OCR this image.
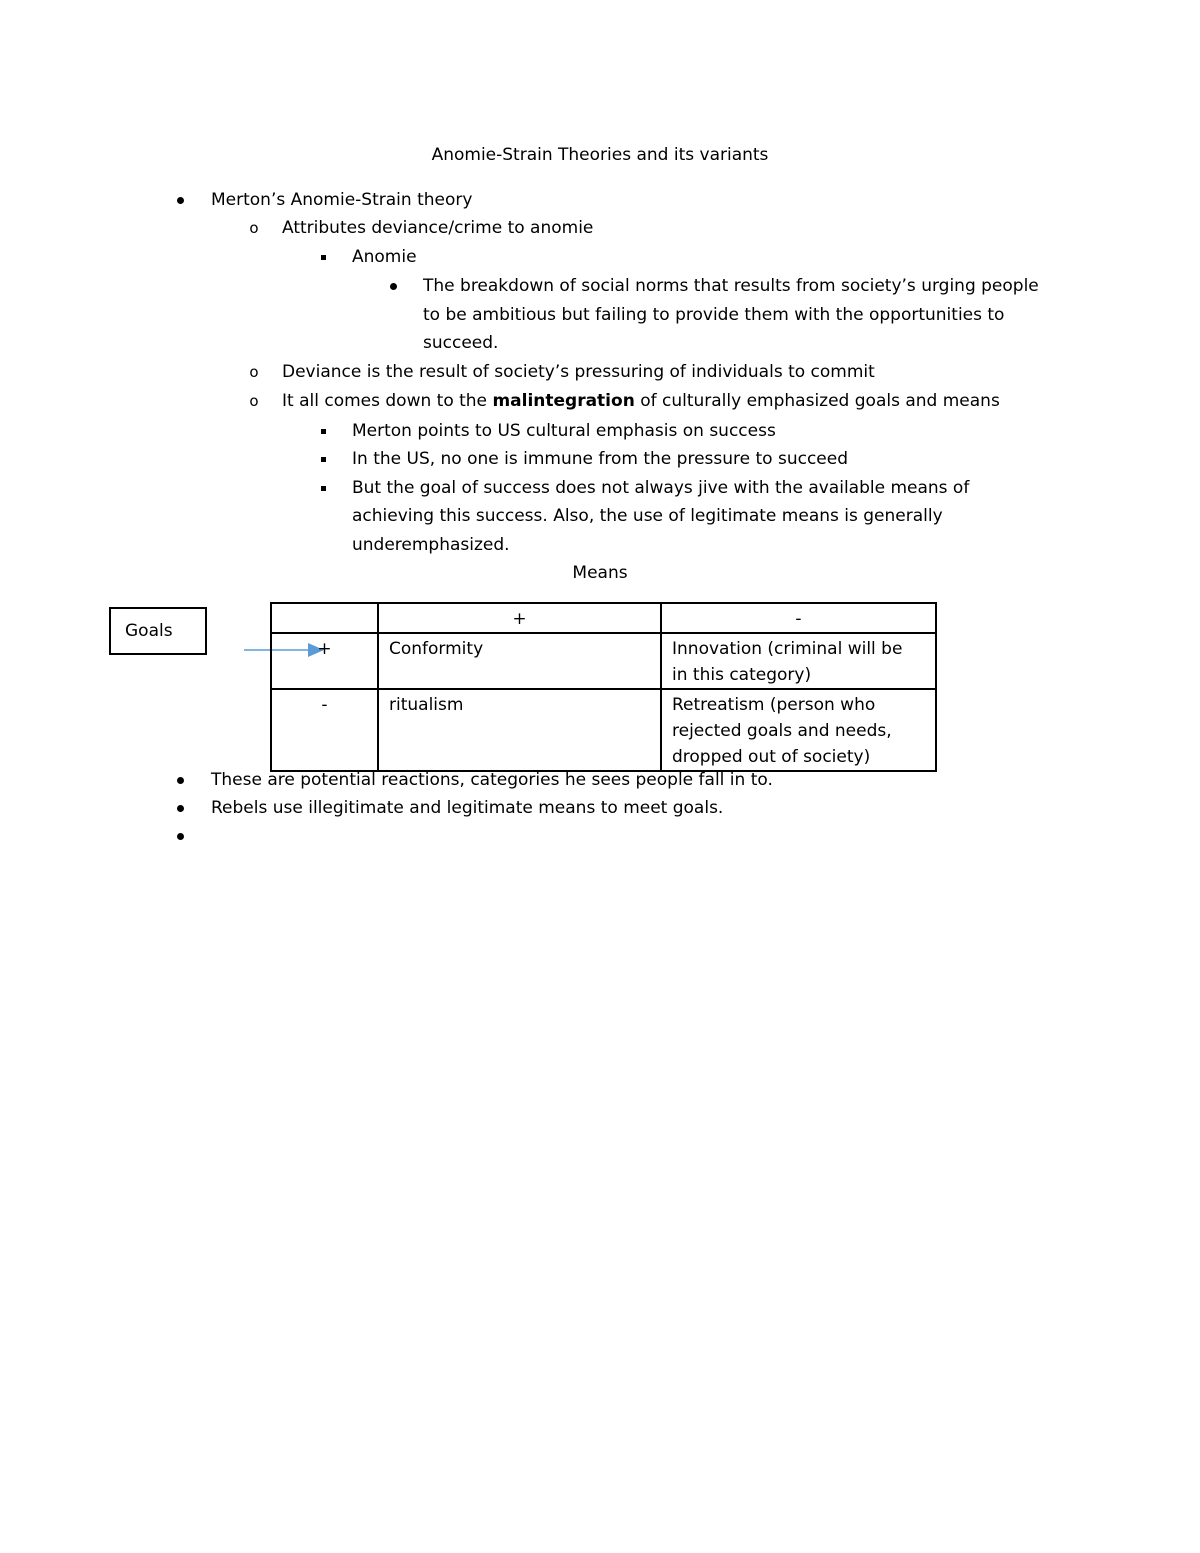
Anomie-Strain Theories and its variants
Merton’s Anomie-Strain theory
o Attributes deviance/crime to anomie
Anomie
The breakdown of social norms that results from society’s urging people
to be ambitious but failing to provide them with the opportunities to
succeed.
o Deviance is the result of society’s pressuring of individuals to commit
o It all comes down to the malintegration of culturally emphasized goals and means
Merton points to US cultural emphasis on success
In the US, no one is immune from the pressure to succeed
But the goal of success does not always jive with the available means of
achieving this success. Also, the use of legitimate means is generally
underemphasized.
Means
Goals
	+	-
+	Conformity	Innovation (criminal will be
in this category)

-	ritualism	Retreatism (person who
rejected goals and needs,
dropped out of society)
These are potential reactions, categories he sees people fall in to.
Rebels use illegitimate and legitimate means to meet goals.
